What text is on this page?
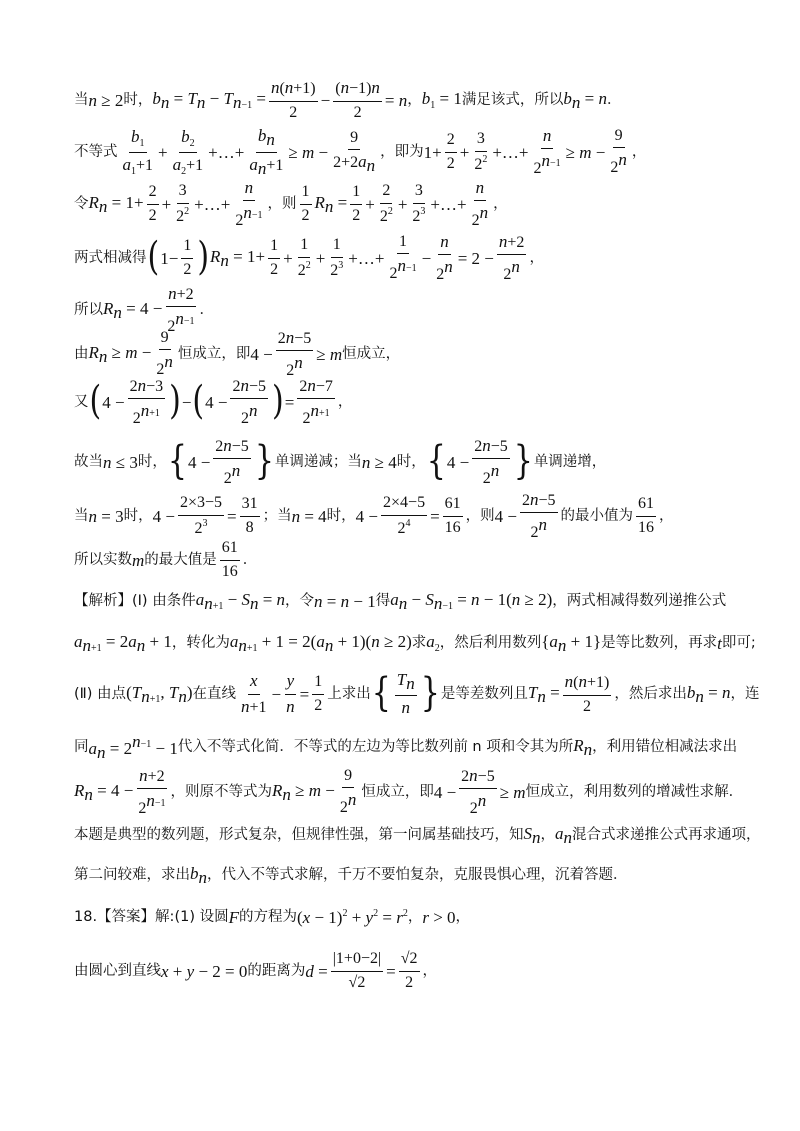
当 n ≥ 2 时， $b_n = T_n - T_{n-1} = \frac{n(n+1)}{2} - \frac{(n-1)n}{2} = n$ ， $b_1 = 1$ 满足该式，所以 $b_n = n$ ．
不等式 $\frac{b_1}{a_1+1} + \frac{b_2}{a_2+1}$ +…+ $\frac{b_n}{a_n+1} \ge m - \frac{9}{2+2a_n}$ ，即为 $1+ \frac{2}{2} + \frac{3}{2^2}$ +…+ $\frac{n}{2^{n-1}} \ge m - \frac{9}{2^n}$ ，
令 $R_n = 1+ \frac{2}{2} + \frac{3}{2^2}$ +…+ $\frac{n}{2^{n-1}}$ ，则 $\frac{1}{2} R_n = \frac{1}{2} + \frac{2}{2^2} + \frac{3}{2^3}$ +…+ $\frac{n}{2^n}$ ，
两式相减得 ( $1- \frac{1}{2}$ ) $R_n = 1+ \frac{1}{2} + \frac{1}{2^2} + \frac{1}{2^3}$ +…+ $\frac{1}{2^{n-1}} - \frac{n}{2^n} = 2 - \frac{n+2}{2^n}$ ，
所以 $R_n = 4 - \frac{n+2}{2^{n-1}}$ ．
由 $R_n \ge m - \frac{9}{2^n}$ 恒成立，即 $4 - \frac{2n-5}{2^n} \ge m$ 恒成立，
又 ( $4 - \frac{2n-3}{2^{n+1}}$ ) − ( $4 - \frac{2n-5}{2^n}$ ) = $\frac{2n-7}{2^{n+1}}$ ，
故当 n ≤ 3 时， { $4 - \frac{2n-5}{2^n}$ } 单调递减；当 n ≥ 4 时， { $4 - \frac{2n-5}{2^n}$ } 单调递增，
当 n = 3 时， $4 - \frac{2\times 3-5}{2^3} = \frac{31}{8}$ ；当 n = 4 时， $4 - \frac{2\times 4-5}{2^4} = \frac{61}{16}$ ，则 $4 - \frac{2n-5}{2^n}$ 的最小值为 $\frac{61}{16}$ ，
所以实数 m 的最大值是 $\frac{61}{16}$ ．
【解析】(Ⅰ) 由条件 $a_{n+1} - S_n = n$ ，令 n = n − 1 得 $a_n - S_{n-1} = n - 1(n \ge 2)$ ，两式相减得数列递推公式
$a_{n+1} = 2a_n + 1$ ，转化为 $a_{n+1} + 1 = 2(a_n + 1)(n \ge 2)$ 求 $a_2$ ，然后利用数列 $\{a_n + 1\}$ 是等比数列，再求 t 即可;
(Ⅱ) 由点 ($T_{n+1}$, $T_n$) 在直线 $\frac{x}{n+1} - \frac{y}{n} = \frac{1}{2}$ 上求出 { $\frac{T_n}{n}$ } 是等差数列且 $T_n = \frac{n(n+1)}{2}$ ，然后求出 $b_n = n$ ，连
同 $a_n = 2^{n-1} - 1$ 代入不等式化简．不等式的左边为等比数列前 n 项和令其为所 $R_n$ ，利用错位相减法求出
$R_n = 4 - \frac{n+2}{2^{n-1}}$ ，则原不等式为 $R_n \ge m - \frac{9}{2^n}$ 恒成立，即 $4 - \frac{2n-5}{2^n} \ge m$ 恒成立，利用数列的增减性求解．
本题是典型的数列题，形式复杂，但规律性强，第一问属基础技巧，知 $S_n$ ， $a_n$ 混合式求递推公式再求通项，
第二问较难，求出 $b_n$ ，代入不等式求解，千万不要怕复杂，克服畏惧心理，沉着答题．
18.【答案】解:(1) 设圆 F 的方程为 $(x - 1)^2 + y^2 = r^2$ ， r > 0 ，
由圆心到直线 x + y − 2 = 0 的距离为 $d = \frac{|1+0-2|}{√2} = \frac{√2}{2}$ ，
